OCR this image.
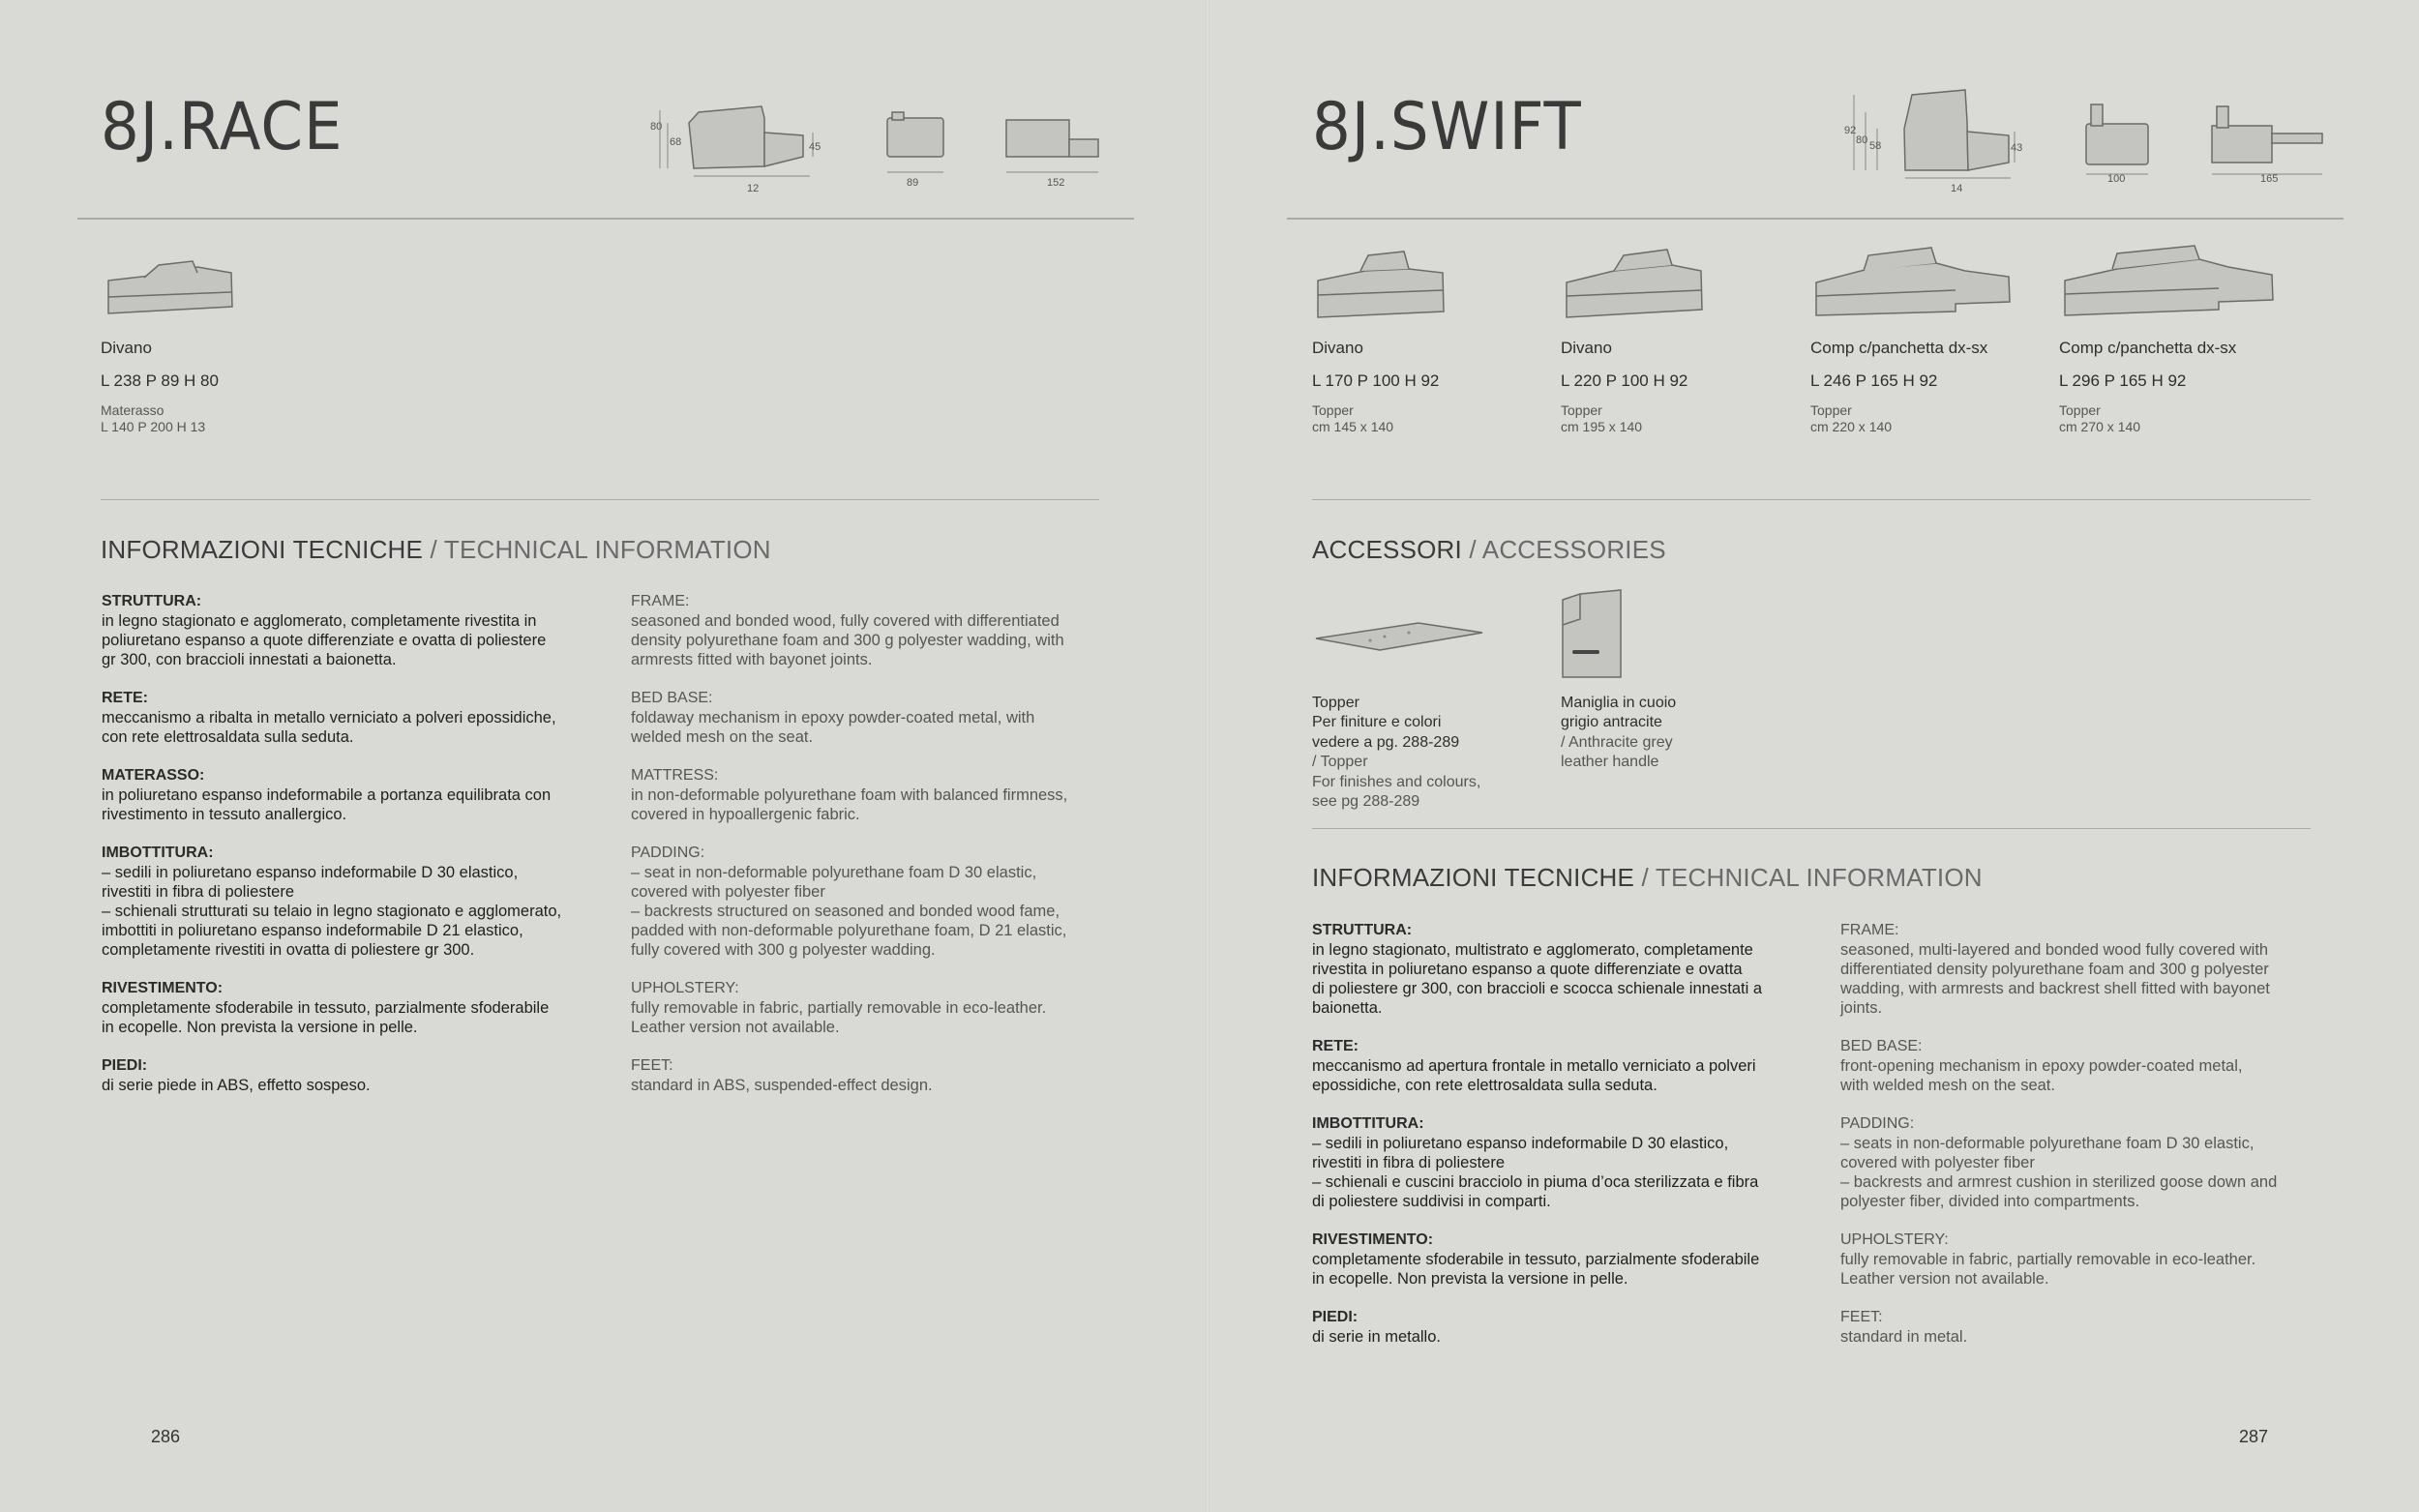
8J.RACE	80
68	45
12	89	152
Divano
L 238 P 89 H 80
Materasso
L 140 P 200 H 13
INFORMAZIONI TECNICHE / TECHNICAL INFORMATION
STRUTTURA:
in legno stagionato e agglomerato, completamente rivestita in
poliuretano espanso a quote differenziate e ovatta di poliestere
gr 300, con braccioli innestati a baionetta.
RETE:
meccanismo a ribalta in metallo verniciato a polveri epossidiche,
con rete elettrosaldata sulla seduta.
MATERASSO:
in poliuretano espanso indeformabile a portanza equilibrata con
rivestimento in tessuto anallergico.
IMBOTTITURA:
– sedili in poliuretano espanso indeformabile D 30 elastico,
rivestiti in fibra di poliestere
– schienali strutturati su telaio in legno stagionato e agglomerato,
imbottiti in poliuretano espanso indeformabile D 21 elastico,
completamente rivestiti in ovatta di poliestere gr 300.
RIVESTIMENTO:
completamente sfoderabile in tessuto, parzialmente sfoderabile
in ecopelle. Non prevista la versione in pelle.
PIEDI:
di serie piede in ABS, effetto sospeso.
FRAME:
seasoned and bonded wood, fully covered with differentiated
density polyurethane foam and 300 g polyester wadding, with
armrests fitted with bayonet joints.
BED BASE:
foldaway mechanism in epoxy powder-coated metal, with
welded mesh on the seat.
MATTRESS:
in non-deformable polyurethane foam with balanced firmness,
covered in hypoallergenic fabric.
PADDING:
– seat in non-deformable polyurethane foam D 30 elastic,
covered with polyester fiber
– backrests structured on seasoned and bonded wood fame,
padded with non-deformable polyurethane foam, D 21 elastic,
fully covered with 300 g polyester wadding.
UPHOLSTERY:
fully removable in fabric, partially removable in eco-leather.
Leather version not available.
FEET:
standard in ABS, suspended-effect design.
286
8J.SWIFT	92
80 58	43
14
100	165
Divano
L 170 P 100 H 92
Topper
cm 145 x 140
Divano
L 220 P 100 H 92
Topper
cm 195 x 140
Comp c/panchetta dx-sx
L 246 P 165 H 92
Topper
cm 220 x 140
Comp c/panchetta dx-sx
L 296 P 165 H 92
Topper
cm 270 x 140
ACCESSORI / ACCESSORIES
Topper
Per finiture e colori
vedere a pg. 288-289
/ Topper
For finishes and colours,
see pg 288-289
Maniglia in cuoio
grigio antracite
/ Anthracite grey
leather handle
INFORMAZIONI TECNICHE / TECHNICAL INFORMATION
STRUTTURA:
in legno stagionato, multistrato e agglomerato, completamente
rivestita in poliuretano espanso a quote differenziate e ovatta
di poliestere gr 300, con braccioli e scocca schienale innestati a
baionetta.
RETE:
meccanismo ad apertura frontale in metallo verniciato a polveri
epossidiche, con rete elettrosaldata sulla seduta.
IMBOTTITURA:
– sedili in poliuretano espanso indeformabile D 30 elastico,
rivestiti in fibra di poliestere
– schienali e cuscini bracciolo in piuma d’oca sterilizzata e fibra
di poliestere suddivisi in comparti.
RIVESTIMENTO:
completamente sfoderabile in tessuto, parzialmente sfoderabile
in ecopelle. Non prevista la versione in pelle.
PIEDI:
di serie in metallo.
FRAME:
seasoned, multi-layered and bonded wood fully covered with
differentiated density polyurethane foam and 300 g polyester
wadding, with armrests and backrest shell fitted with bayonet
joints.
BED BASE:
front-opening mechanism in epoxy powder-coated metal,
with welded mesh on the seat.
PADDING:
– seats in non-deformable polyurethane foam D 30 elastic,
covered with polyester fiber
– backrests and armrest cushion in sterilized goose down and
polyester fiber, divided into compartments.
UPHOLSTERY:
fully removable in fabric, partially removable in eco-leather.
Leather version not available.
FEET:
standard in metal.
287
